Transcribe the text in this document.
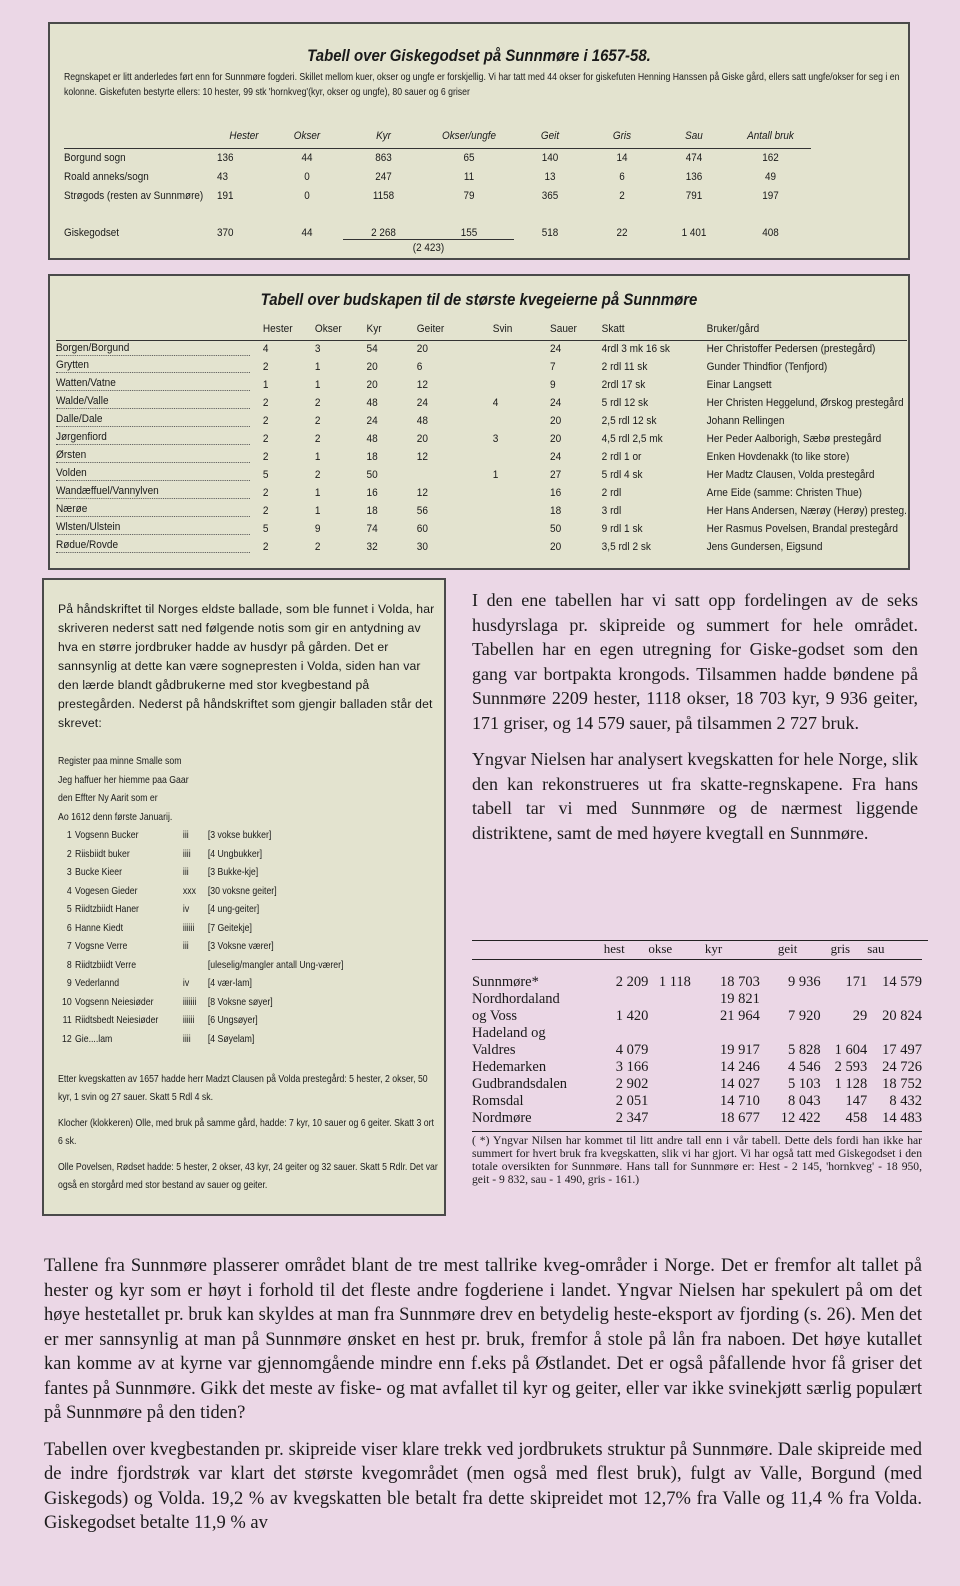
Tabell over Giskegodset på Sunnmøre i 1657-58.
Regnskapet er litt anderledes ført enn for Sunnmøre fogderi. Skillet mellom kuer, okser og ungfe er forskjellig. Vi har tatt med 44 okser for giskefuten Henning Hanssen på Giske gård, ellers satt ungfe/okser for seg i en kolonne. Giskefuten bestyrte ellers: 10 hester, 99 stk 'hornkveg'(kyr, okser og ungfe), 80 sauer og 6 griser
	Hester	Okser	Kyr	Okser/ungfe	Geit	Gris	Sau	Antall bruk
Borgund sogn	136	44	863	65	140	14	474	162
Roald anneks/sogn	43	0	247	11	13	6	136	49
Strøgods (resten av Sunnmøre)	191	0	1158	79	365	2	791	197
Giskegodset	370	44	2 268	155	518	22	1 401	408
			(2 423)					
Tabell over budskapen til de største kvegeierne på Sunnmøre
	Hester	Okser	Kyr	Geiter	Svin	Sauer	Skatt	Bruker/gård

Borgen/Borgund	4	3	54	20		24	4rdl 3 mk 16 sk	Her Christoffer Pedersen (prestegård)

Grytten	2	1	20	6		7	2 rdl 11 sk	Gunder Thindfior (Tenfjord)

Watten/Vatne	1	1	20	12		9	2rdl 17 sk	Einar Langsett

Walde/Valle	2	2	48	24	4	24	5 rdl 12 sk	Her Christen Heggelund, Ørskog prestegård

Dalle/Dale	2	2	24	48		20	2,5 rdl 12 sk	Johann Rellingen

Jørgenfiord	2	2	48	20	3	20	4,5 rdl 2,5 mk	Her Peder Aalborigh, Sæbø prestegård

Ørsten	2	1	18	12		24	2 rdl 1 or	Enken Hovdenakk (to like store)

Volden	5	2	50		1	27	5 rdl 4 sk	Her Madtz Clausen, Volda prestegård

Wandæffuel/Vannylven	2	1	16	12		16	2 rdl	Arne Eide (samme: Christen Thue)

Nærøe	2	1	18	56		18	3 rdl	Her Hans Andersen, Nærøy (Herøy) presteg.

Wlsten/Ulstein	5	9	74	60		50	9 rdl 1 sk	Her Rasmus Povelsen, Brandal prestegård

Rødue/Rovde	2	2	32	30		20	3,5 rdl 2 sk	Jens Gundersen, Eigsund
På håndskriftet til Norges eldste ballade, som ble funnet i Volda, har skriveren nederst satt ned følgende notis som gir en antydning av hva en større jordbruker hadde av husdyr på gården. Det er sannsynlig at dette kan være sognepresten i Volda, siden han var den lærde blandt gådbrukerne med stor kvegbestand på prestegården. Nederst på håndskriftet som gjengir balladen står det skrevet:
Register paa minne Smalle som
Jeg haffuer her hiemme paa Gaar
den Effter Ny Aarit som er
Ao 1612 denn første Januarij.
1	Vogsenn Bucker	iii	[3 vokse bukker]
2	Riisbiidt buker	iiii	[4 Ungbukker]
3	Bucke Kieer	iii	[3 Bukke-kje]
4	Vogesen Gieder	xxx	[30 voksne geiter]
5	Riidtzbiidt Haner	iv	[4 ung-geiter]
6	Hanne Kiedt	iiiiii	[7 Geitekje]
7	Vogsne Verre	iii	[3 Voksne værer]
8	Riidtzbiidt Verre		[uleselig/mangler antall Ung-værer]
9	Vederlannd	iv	[4 vær-lam]
10	Vogsenn Neiesiøder	iiiiiii	[8 Voksne søyer]
11	Riidtsbedt Neiesiøder	iiiiii	[6 Ungsøyer]
12	Gie....lam	iiii	[4 Søyelam]
Etter kvegskatten av 1657 hadde herr Madzt Clausen på Volda prestegård: 5 hester, 2 okser, 50 kyr, 1 svin og 27 sauer. Skatt 5 Rdl 4 sk.
Klocher (klokkeren) Olle, med bruk på samme gård, hadde: 7 kyr, 10 sauer og 6 geiter. Skatt 3 ort 6 sk.
Olle Povelsen, Rødset hadde: 5 hester, 2 okser, 43 kyr, 24 geiter og 32 sauer. Skatt 5 Rdlr. Det var også en storgård med stor bestand av sauer og geiter.

I den ene tabellen har vi satt opp fordelingen av de seks husdyrslaga pr. skipreide og summert for hele området. Tabellen har en egen utregning for Giske-godset som den gang var bortpakta krongods. Tilsammen hadde bøndene på Sunnmøre 2209 hester, 1118 okser, 18 703 kyr, 9 936 geiter, 171 griser, og 14 579 sauer, på tilsammen 2 727 bruk.

Yngvar Nielsen har analysert kvegskatten for hele Norge, slik den kan rekonstrueres ut fra skatte-regnskapene. Fra hans tabell tar vi med Sunnmøre og de nærmest liggende distriktene, samt de med høyere kvegtall en Sunnmøre.

	hest	okse	kyr	geit	gris	sau

Sunnmøre*	2 209	1 118	18 703	9 936	171	14 579
Nordhordaland			19 821			
og Voss	1 420		21 964	7 920	29	20 824
Hadeland og						
Valdres	4 079		19 917	5 828	1 604	17 497
Hedemarken	3 166		14 246	4 546	2 593	24 726
Gudbrandsdalen	2 902		14 027	5 103	1 128	18 752
Romsdal	2 051		14 710	8 043	147	8 432
Nordmøre	2 347		18 677	12 422	458	14 483
( *) Yngvar Nilsen har kommet til litt andre tall enn i vår tabell. Dette dels fordi han ikke har summert for hvert bruk fra kvegskatten, slik vi har gjort. Vi har også tatt med Giskegodset i den totale oversikten for Sunnmøre. Hans tall for Sunnmøre er: Hest - 2 145, 'hornkveg' - 18 950, geit - 9 832, sau - 1 490, gris - 161.)

Tallene fra Sunnmøre plasserer området blant de tre mest tallrike kveg-områder i Norge. Det er fremfor alt tallet på hester og kyr som er høyt i forhold til det fleste andre fogderiene i landet. Yngvar Nielsen har spekulert på om det høye hestetallet pr. bruk kan skyldes at man fra Sunnmøre drev en betydelig heste-eksport av fjording (s. 26). Men det er mer sannsynlig at man på Sunnmøre ønsket en hest pr. bruk, fremfor å stole på lån fra naboen. Det høye kutallet kan komme av at kyrne var gjennomgående mindre enn f.eks på Østlandet. Det er også påfallende hvor få griser det fantes på Sunnmøre. Gikk det meste av fiske- og mat avfallet til kyr og geiter, eller var ikke svinekjøtt særlig populært på Sunnmøre på den tiden?

Tabellen over kvegbestanden pr. skipreide viser klare trekk ved jordbrukets struktur på Sunnmøre. Dale skipreide med de indre fjordstrøk var klart det største kvegområdet (men også med flest bruk), fulgt av Valle, Borgund (med Giskegods) og Volda. 19,2 % av kvegskatten ble betalt fra dette skipreidet mot 12,7% fra Valle og 11,4 % fra Volda. Giskegodset betalte 11,9 % av
